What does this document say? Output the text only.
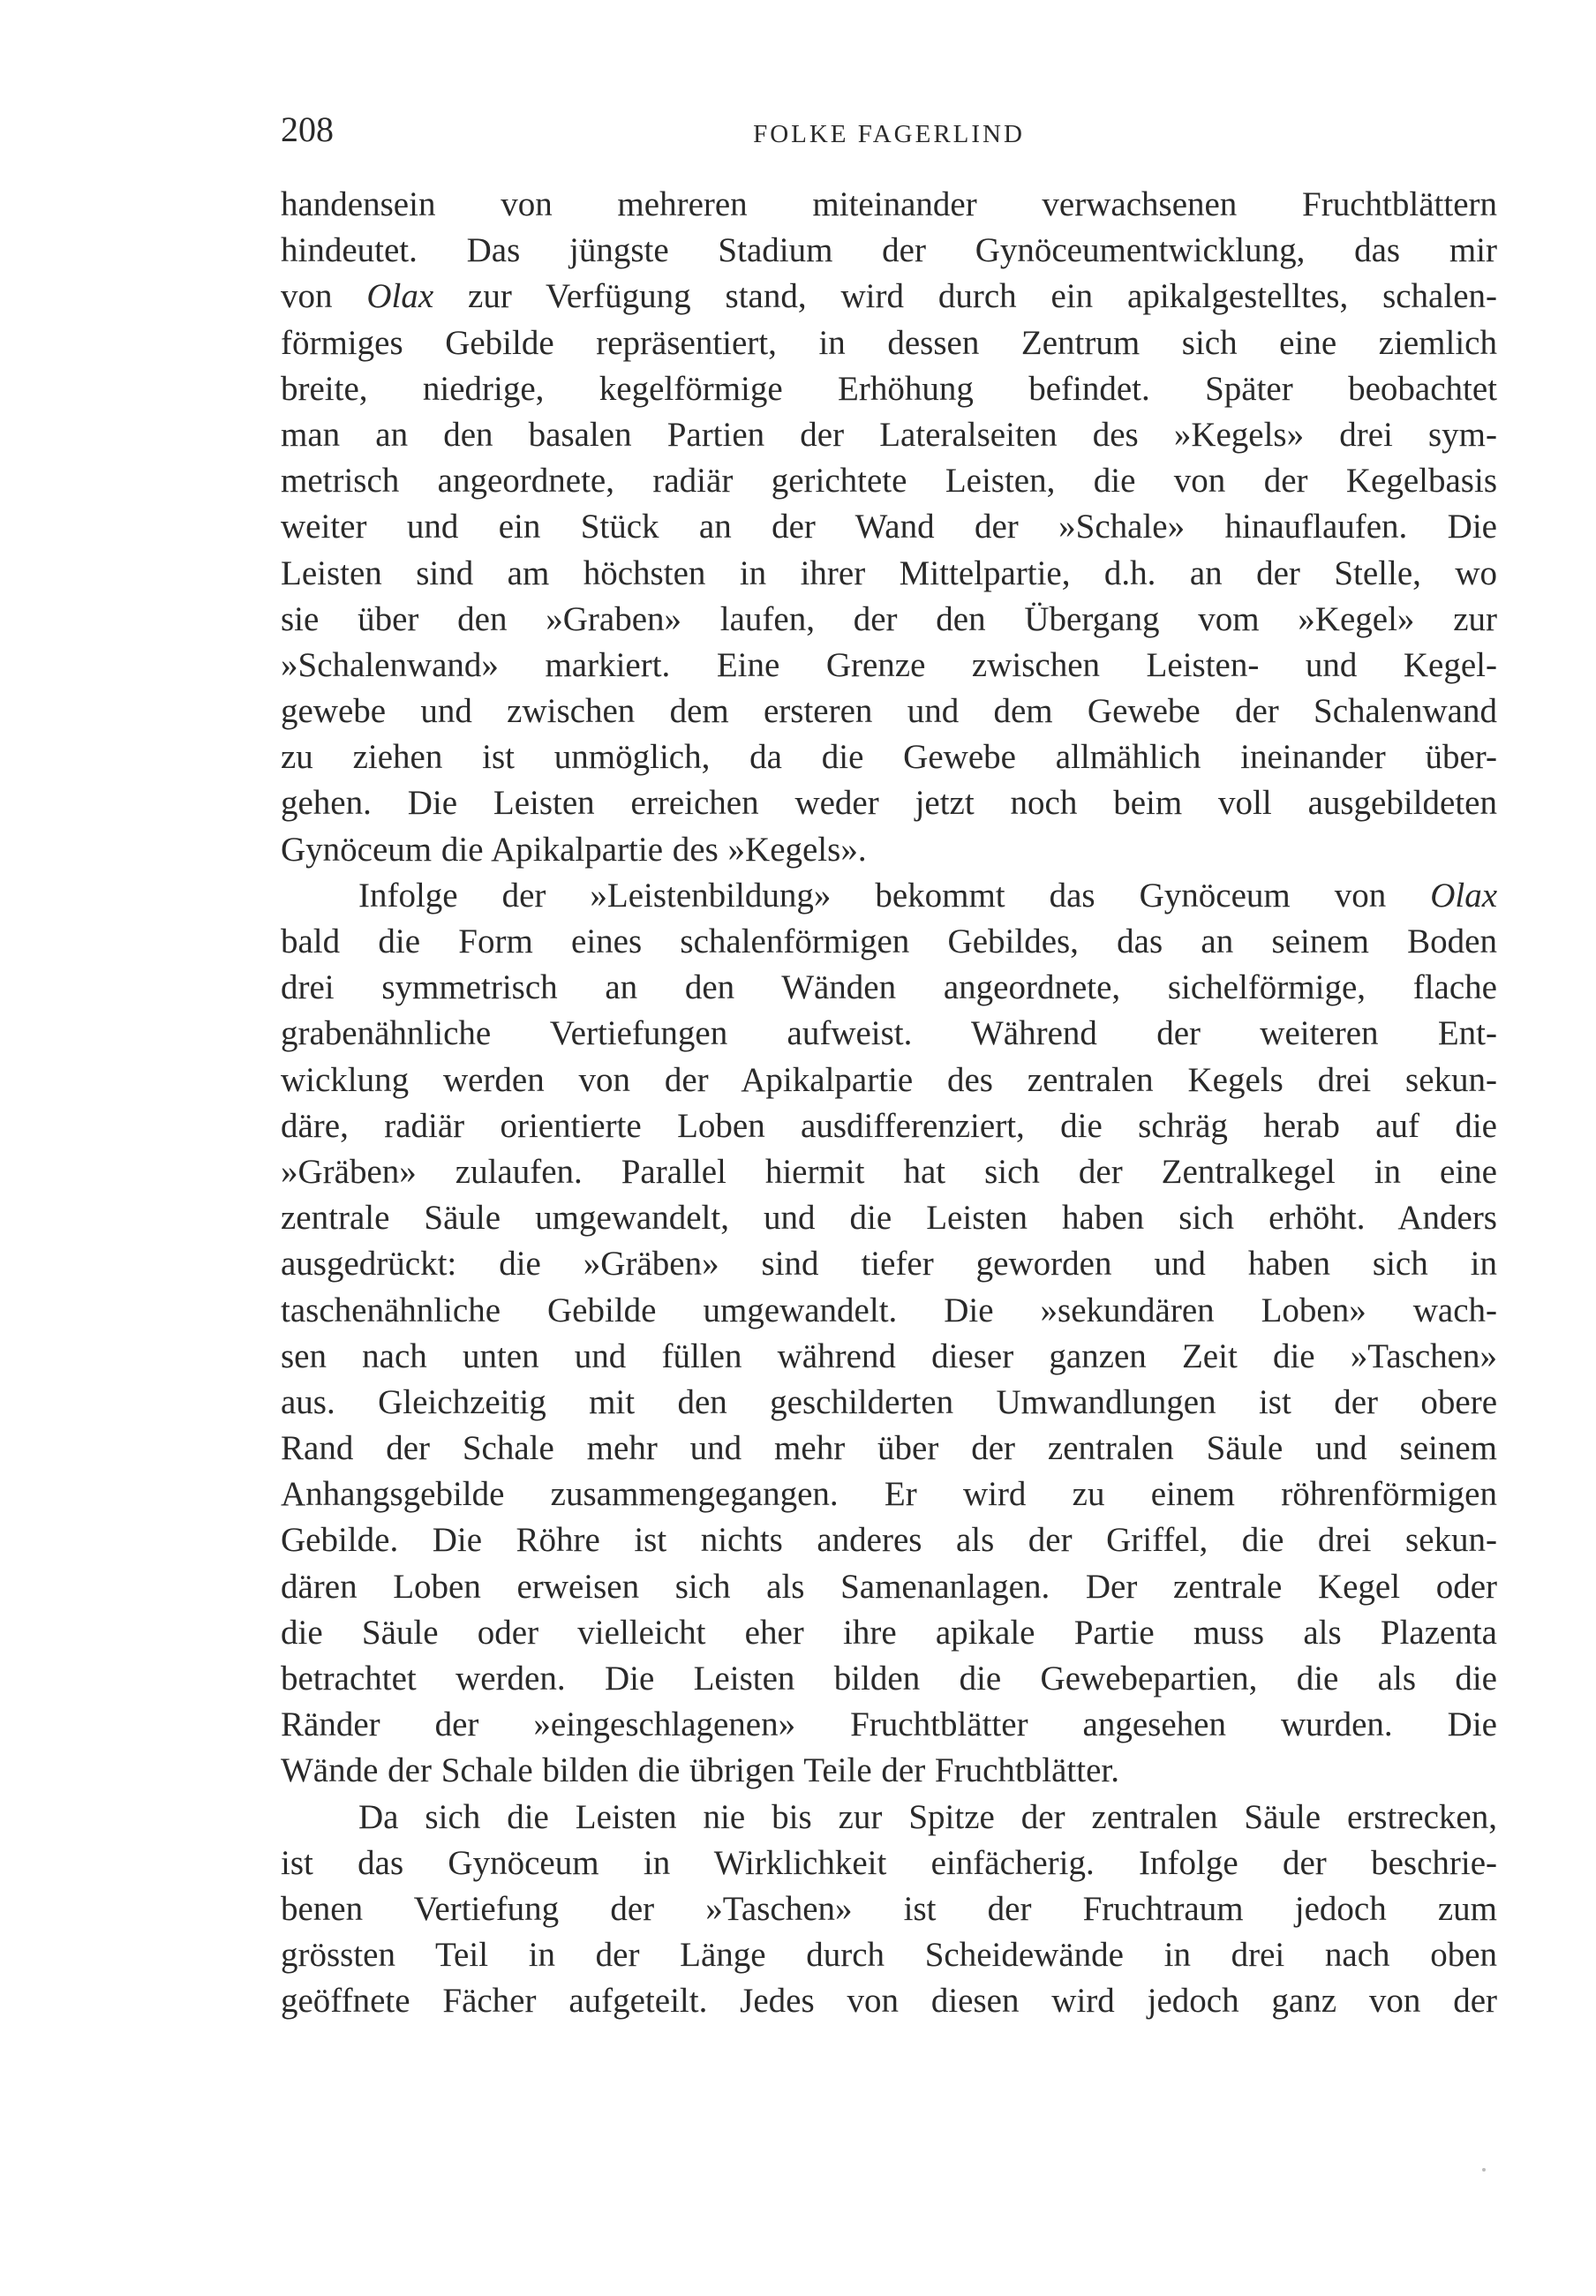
208	FOLKE FAGERLIND
handensein von mehreren miteinander verwachsenen Fruchtblättern
hindeutet. Das jüngste Stadium der Gynöceumentwicklung, das mir
von Olax zur Verfügung stand, wird durch ein apikalgestelltes, schalen-
förmiges Gebilde repräsentiert, in dessen Zentrum sich eine ziemlich
breite, niedrige, kegelförmige Erhöhung befindet. Später beobachtet
man an den basalen Partien der Lateralseiten des »Kegels» drei sym-
metrisch angeordnete, radiär gerichtete Leisten, die von der Kegelbasis
weiter und ein Stück an der Wand der »Schale» hinauflaufen. Die
Leisten sind am höchsten in ihrer Mittelpartie, d.h. an der Stelle, wo
sie über den »Graben» laufen, der den Übergang vom »Kegel» zur
»Schalenwand» markiert. Eine Grenze zwischen Leisten- und Kegel-
gewebe und zwischen dem ersteren und dem Gewebe der Schalenwand
zu ziehen ist unmöglich, da die Gewebe allmählich ineinander über-
gehen. Die Leisten erreichen weder jetzt noch beim voll ausgebildeten
Gynöceum die Apikalpartie des »Kegels».
Infolge der »Leistenbildung» bekommt das Gynöceum von Olax
bald die Form eines schalenförmigen Gebildes, das an seinem Boden
drei symmetrisch an den Wänden angeordnete, sichelförmige, flache
grabenähnliche Vertiefungen aufweist. Während der weiteren Ent-
wicklung werden von der Apikalpartie des zentralen Kegels drei sekun-
däre, radiär orientierte Loben ausdifferenziert, die schräg herab auf die
»Gräben» zulaufen. Parallel hiermit hat sich der Zentralkegel in eine
zentrale Säule umgewandelt, und die Leisten haben sich erhöht. Anders
ausgedrückt: die »Gräben» sind tiefer geworden und haben sich in
taschenähnliche Gebilde umgewandelt. Die »sekundären Loben» wach-
sen nach unten und füllen während dieser ganzen Zeit die »Taschen»
aus. Gleichzeitig mit den geschilderten Umwandlungen ist der obere
Rand der Schale mehr und mehr über der zentralen Säule und seinem
Anhangsgebilde zusammengegangen. Er wird zu einem röhrenförmigen
Gebilde. Die Röhre ist nichts anderes als der Griffel, die drei sekun-
dären Loben erweisen sich als Samenanlagen. Der zentrale Kegel oder
die Säule oder vielleicht eher ihre apikale Partie muss als Plazenta
betrachtet werden. Die Leisten bilden die Gewebepartien, die als die
Ränder der »eingeschlagenen» Fruchtblätter angesehen wurden. Die
Wände der Schale bilden die übrigen Teile der Fruchtblätter.
Da sich die Leisten nie bis zur Spitze der zentralen Säule erstrecken,
ist das Gynöceum in Wirklichkeit einfächerig. Infolge der beschrie-
benen Vertiefung der »Taschen» ist der Fruchtraum jedoch zum
grössten Teil in der Länge durch Scheidewände in drei nach oben
geöffnete Fächer aufgeteilt. Jedes von diesen wird jedoch ganz von der
